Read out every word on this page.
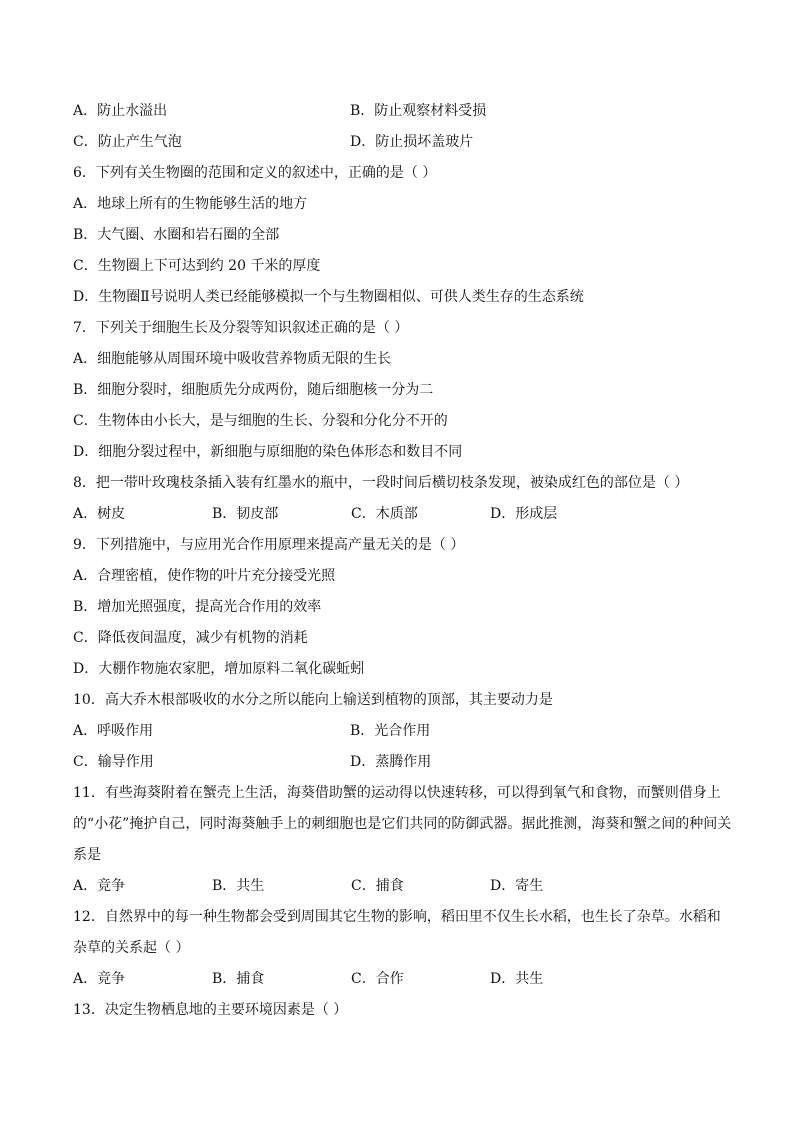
A．防止水溢出	B．防止观察材料受损
C．防止产生气泡	D．防止损坏盖玻片
6．下列有关生物圈的范围和定义的叙述中，正确的是（ ）
A．地球上所有的生物能够生活的地方
B．大气圈、水圈和岩石圈的全部
C．生物圈上下可达到约 20 千米的厚度
D．生物圈Ⅱ号说明人类已经能够模拟一个与生物圈相似、可供人类生存的生态系统
7．下列关于细胞生长及分裂等知识叙述正确的是（ ）
A．细胞能够从周围环境中吸收营养物质无限的生长
B．细胞分裂时，细胞质先分成两份，随后细胞核一分为二
C．生物体由小长大，是与细胞的生长、分裂和分化分不开的
D．细胞分裂过程中，新细胞与原细胞的染色体形态和数目不同
8．把一带叶玫瑰枝条插入装有红墨水的瓶中，一段时间后横切枝条发现，被染成红色的部位是（ ）
A．树皮	B．韧皮部	C．木质部	D．形成层
9．下列措施中，与应用光合作用原理来提高产量无关的是（ ）
A．合理密植，使作物的叶片充分接受光照
B．增加光照强度，提高光合作用的效率
C．降低夜间温度，减少有机物的消耗
D．大棚作物施农家肥，增加原料二氧化碳蚯蚓
10．高大乔木根部吸收的水分之所以能向上输送到植物的顶部，其主要动力是
A．呼吸作用	B．光合作用
C．输导作用	D．蒸腾作用
11．有些海葵附着在蟹壳上生活，海葵借助蟹的运动得以快速转移，可以得到氧气和食物，而蟹则借身上
的“小花”掩护自己，同时海葵触手上的刺细胞也是它们共同的防御武器。据此推测，海葵和蟹之间的种间关
系是
A．竞争	B．共生	C．捕食	D．寄生
12．自然界中的每一种生物都会受到周围其它生物的影响，稻田里不仅生长水稻，也生长了杂草。水稻和
杂草的关系起（ ）
A．竞争	B．捕食	C．合作	D．共生
13．决定生物栖息地的主要环境因素是（ ）
